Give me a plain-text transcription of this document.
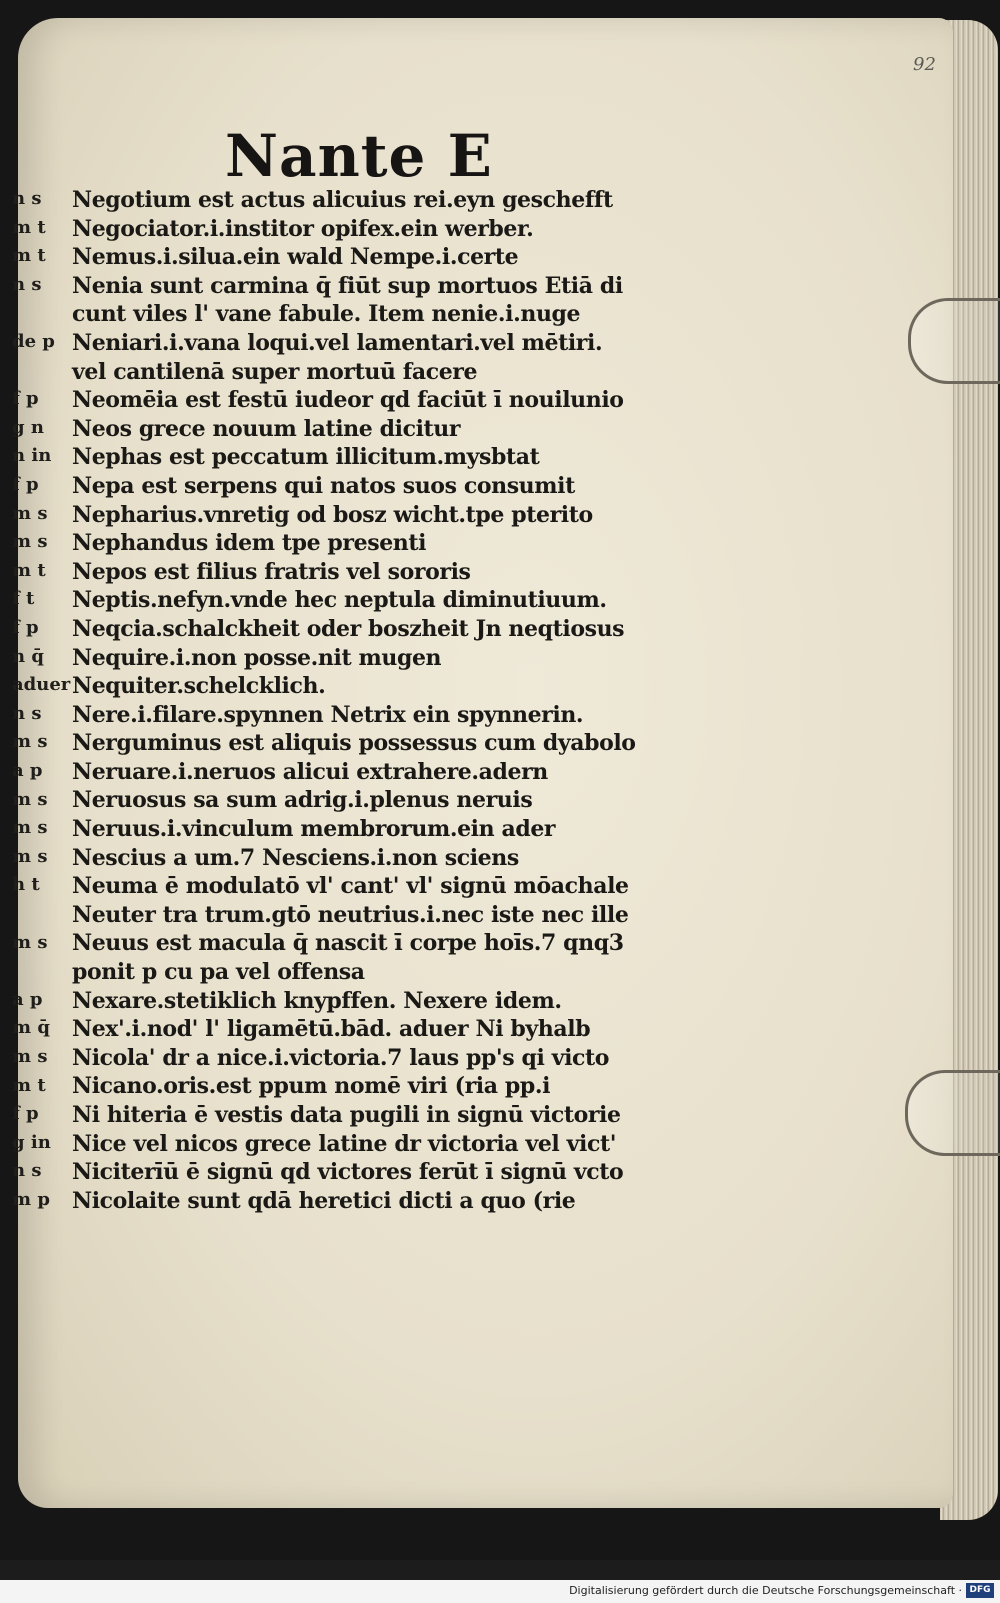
92
Nante E
n s
m t
m t
n s
de p
f p
g n
n in
f p
m s
m s
m t
f t
f p
n q̄
aduer
n s
m s
a p
m s
m s
m s
h t
m s
a p
m q̄
m s
m t
f p
g in
n s
m p
Negotium est actus alicuius rei.eyn geschefft
Negociator.i.institor opifex.ein werber.
Nemus.i.silua.ein wald Nempe.i.certe
Nenia sunt carmina q̄ fiūt sup mortuos Etiā di
cunt viles l' vane fabule. Item nenie.i.nuge
Neniari.i.vana loqui.vel lamentari.vel mētiri.
vel cantilenā super mortuū facere
Neomēia est festū iudeor qd faciūt ī nouilunio
Neos grece nouum latine dicitur
Nephas est peccatum illicitum.mysbtat
Nepa est serpens qui natos suos consumit
Nepharius.vnretig od bosz wicht.tpe pterito
Nephandus idem tpe presenti
Nepos est filius fratris vel sororis
Neptis.nefyn.vnde hec neptula diminutiuum.
Neqcia.schalckheit oder boszheit Jn neqtiosus
Nequire.i.non posse.nit mugen
Nequiter.schelcklich.
Nere.i.filare.spynnen Netrix ein spynnerin.
Nerguminus est aliquis possessus cum dyabolo
Neruare.i.neruos alicui extrahere.adern
Neruosus sa sum adrig.i.plenus neruis
Neruus.i.vinculum membrorum.ein ader
Nescius a um.7 Nesciens.i.non sciens
Neuma ē modulatō vl' cant' vl' signū mōachale
Neuter tra trum.gtō neutrius.i.nec iste nec ille
Neuus est macula q̄ nascit ī corpe hoīs.7 qnq3
ponit p cu pa vel offensa
Nexare.stetiklich knypffen. Nexere idem.
Nex'.i.nod' l' ligamētū.bād. aduer Ni byhalb
Nicola' dr a nice.i.victoria.7 laus pp's qi victo
Nicano.oris.est ppum nomē viri (ria pp.i
Ni hiteria ē vestis data pugili in signū victorie
Nice vel nicos grece latine dr victoria vel vict'
Niciterīū ē signū qd victores ferūt ī signū vcto
Nicolaite sunt qdā heretici dicti a quo (rie
Digitalisierung gefördert durch die Deutsche Forschungsgemeinschaft · DFG
